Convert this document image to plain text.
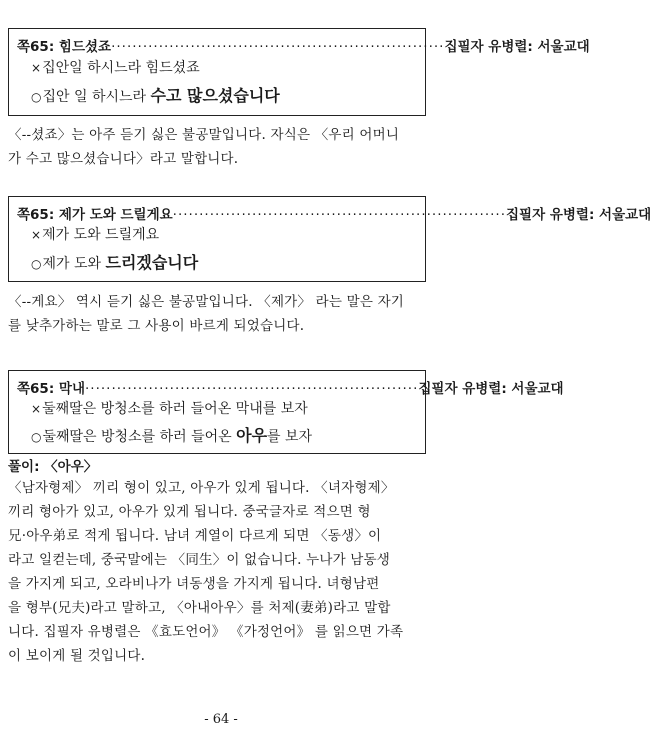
쪽65: 힘드셨죠 ······························································· 집필자 유병렬: 서울교대
×집안일 하시느라 힘드셨죠
○집안 일 하시느라 수고 많으셨습니다
〈--셨죠〉는 아주 듣기 싫은 불공말입니다. 자식은 〈우리 어머니
가 수고 많으셨습니다〉라고 말합니다.
쪽65: 제가 도와 드릴게요 ······························································· 집필자 유병렬: 서울교대
×제가 도와 드릴게요
○제가 도와 드리겠습니다
〈--게요〉 역시 듣기 싫은 불공말입니다. 〈제가〉 라는 말은 자기
를 낮추가하는 말로 그 사용이 바르게 되었습니다.
쪽65: 막내 ······························································· 집필자 유병렬: 서울교대
×둘째딸은 방청소를 하러 들어온 막내를 보자
○둘째딸은 방청소를 하러 들어온 아우를 보자
풀이: 〈아우〉
〈남자형제〉 끼리 형이 있고, 아우가 있게 됩니다. 〈녀자형제〉
끼리 형아가 있고, 아우가 있게 됩니다. 중국글자로 적으면 형
兄·아우弟로 적게 됩니다. 남녀 계열이 다르게 되면 〈동생〉이
라고 일컫는데, 중국말에는 〈同生〉이 없습니다. 누나가 남동생
을 가지게 되고, 오라비나가 녀동생을 가지게 됩니다. 녀형남편
을 형부(兄夫)라고 말하고, 〈아내아우〉를 처제(妻弟)라고 말합
니다. 집필자 유병렬은 《효도언어》 《가정언어》 를 읽으면 가족
이 보이게 될 것입니다.
- 64 -
